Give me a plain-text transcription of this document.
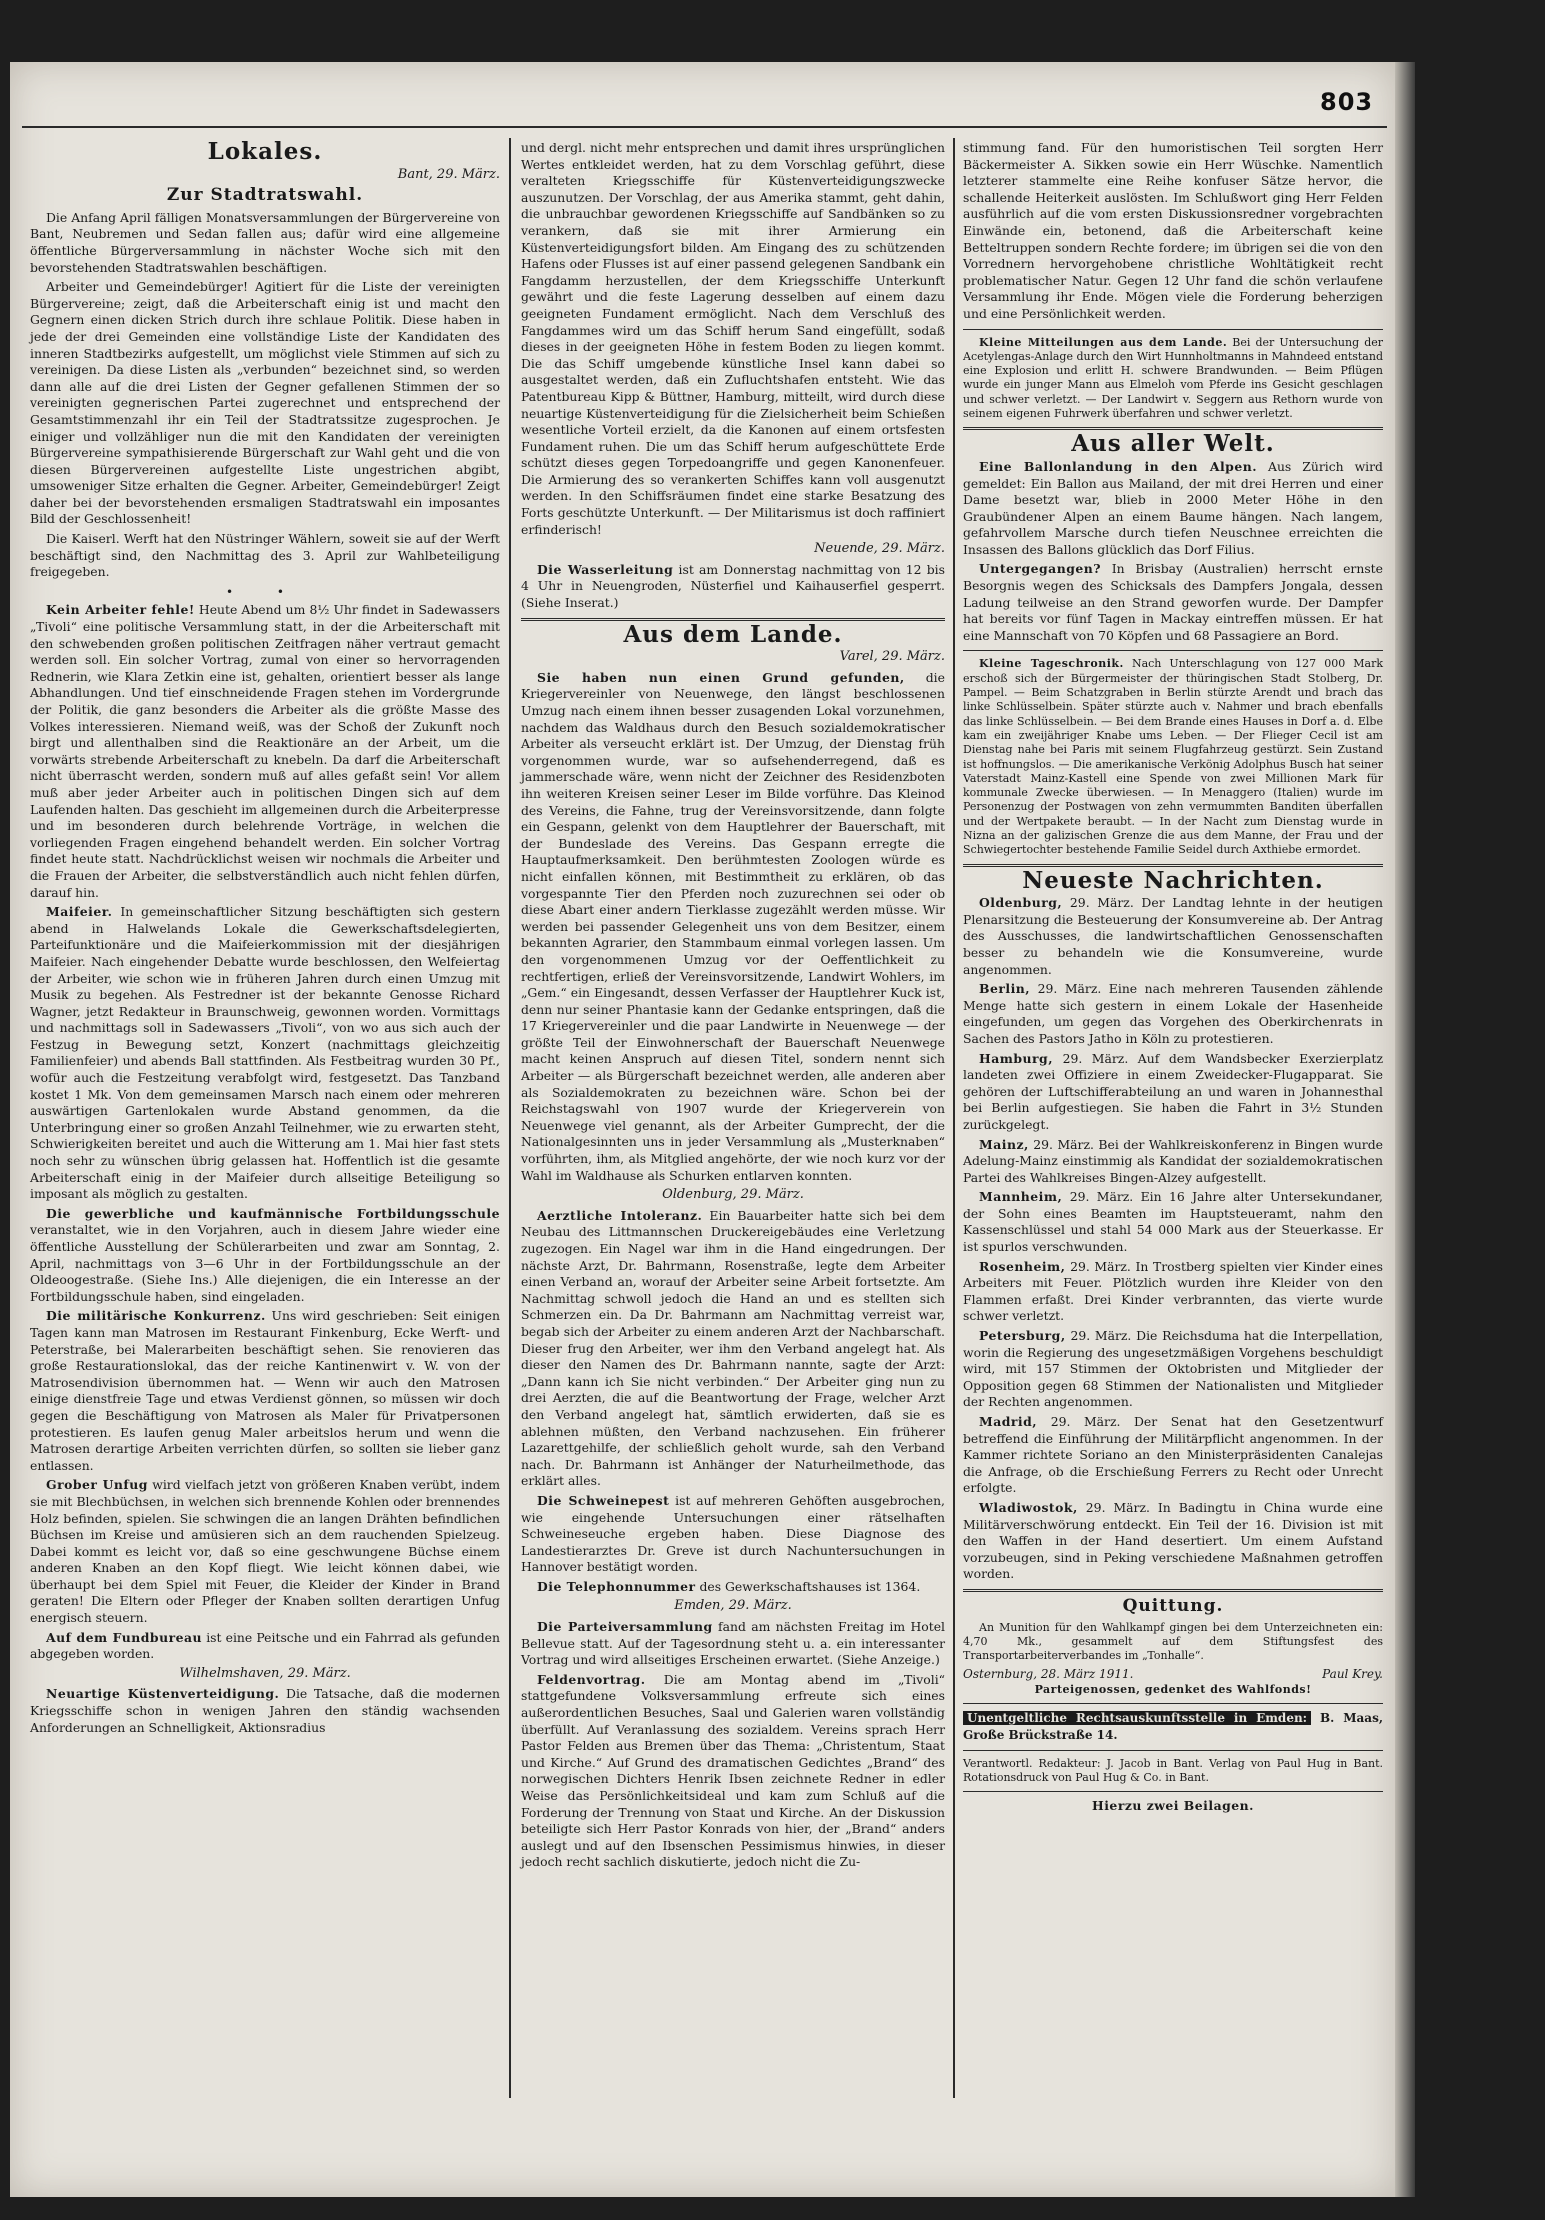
803
Lokales.
Bant, 29. März.
Zur Stadtratswahl.

Die Anfang April fälligen Monatsversammlungen der Bürgervereine von Bant, Neubremen und Sedan fallen aus; dafür wird eine allgemeine öffentliche Bürgerversammlung in nächster Woche sich mit den bevorstehenden Stadtratswahlen beschäftigen.

Arbeiter und Gemeindebürger! Agitiert für die Liste der vereinigten Bürgervereine; zeigt, daß die Arbeiterschaft einig ist und macht den Gegnern einen dicken Strich durch ihre schlaue Politik. Diese haben in jede der drei Gemeinden eine vollständige Liste der Kandidaten des inneren Stadtbezirks aufgestellt, um möglichst viele Stimmen auf sich zu vereinigen. Da diese Listen als „verbunden“ bezeichnet sind, so werden dann alle auf die drei Listen der Gegner gefallenen Stimmen der so vereinigten gegnerischen Partei zugerechnet und entsprechend der Gesamtstimmenzahl ihr ein Teil der Stadtratssitze zugesprochen. Je einiger und vollzähliger nun die mit den Kandidaten der vereinigten Bürgervereine sympathisierende Bürgerschaft zur Wahl geht und die von diesen Bürgervereinen aufgestellte Liste ungestrichen abgibt, umsoweniger Sitze erhalten die Gegner. Arbeiter, Gemeindebürger! Zeigt daher bei der bevorstehenden ersmaligen Stadtratswahl ein imposantes Bild der Geschlossenheit!

Die Kaiserl. Werft hat den Nüstringer Wählern, soweit sie auf der Werft beschäftigt sind, den Nachmittag des 3. April zur Wahlbeteiligung freigegeben.

• •

Kein Arbeiter fehle! Heute Abend um 8½ Uhr findet in Sadewassers „Tivoli“ eine politische Versammlung statt, in der die Arbeiterschaft mit den schwebenden großen politischen Zeitfragen näher vertraut gemacht werden soll. Ein solcher Vortrag, zumal von einer so hervorragenden Rednerin, wie Klara Zetkin eine ist, gehalten, orientiert besser als lange Abhandlungen. Und tief einschneidende Fragen stehen im Vordergrunde der Politik, die ganz besonders die Arbeiter als die größte Masse des Volkes interessieren. Niemand weiß, was der Schoß der Zukunft noch birgt und allenthalben sind die Reaktionäre an der Arbeit, um die vorwärts strebende Arbeiterschaft zu knebeln. Da darf die Arbeiterschaft nicht überrascht werden, sondern muß auf alles gefaßt sein! Vor allem muß aber jeder Arbeiter auch in politischen Dingen sich auf dem Laufenden halten. Das geschieht im allgemeinen durch die Arbeiterpresse und im besonderen durch belehrende Vorträge, in welchen die vorliegenden Fragen eingehend behandelt werden. Ein solcher Vortrag findet heute statt. Nachdrücklichst weisen wir nochmals die Arbeiter und die Frauen der Arbeiter, die selbstverständlich auch nicht fehlen dürfen, darauf hin.

Maifeier. In gemeinschaftlicher Sitzung beschäftigten sich gestern abend in Halwelands Lokale die Gewerkschaftsdelegierten, Parteifunktionäre und die Maifeierkommission mit der diesjährigen Maifeier. Nach eingehender Debatte wurde beschlossen, den Welfeiertag der Arbeiter, wie schon wie in früheren Jahren durch einen Umzug mit Musik zu begehen. Als Festredner ist der bekannte Genosse Richard Wagner, jetzt Redakteur in Braunschweig, gewonnen worden. Vormittags und nachmittags soll in Sadewassers „Tivoli“, von wo aus sich auch der Festzug in Bewegung setzt, Konzert (nachmittags gleichzeitig Familienfeier) und abends Ball stattfinden. Als Festbeitrag wurden 30 Pf., wofür auch die Festzeitung verabfolgt wird, festgesetzt. Das Tanzband kostet 1 Mk. Von dem gemeinsamen Marsch nach einem oder mehreren auswärtigen Gartenlokalen wurde Abstand genommen, da die Unterbringung einer so großen Anzahl Teilnehmer, wie zu erwarten steht, Schwierigkeiten bereitet und auch die Witterung am 1. Mai hier fast stets noch sehr zu wünschen übrig gelassen hat. Hoffentlich ist die gesamte Arbeiterschaft einig in der Maifeier durch allseitige Beteiligung so imposant als möglich zu gestalten.

Die gewerbliche und kaufmännische Fortbildungsschule veranstaltet, wie in den Vorjahren, auch in diesem Jahre wieder eine öffentliche Ausstellung der Schülerarbeiten und zwar am Sonntag, 2. April, nachmittags von 3—6 Uhr in der Fortbildungsschule an der Oldeoogestraße. (Siehe Ins.) Alle diejenigen, die ein Interesse an der Fortbildungsschule haben, sind eingeladen.

Die militärische Konkurrenz. Uns wird geschrieben: Seit einigen Tagen kann man Matrosen im Restaurant Finkenburg, Ecke Werft- und Peterstraße, bei Malerarbeiten beschäftigt sehen. Sie renovieren das große Restaurationslokal, das der reiche Kantinenwirt v. W. von der Matrosendivision übernommen hat. — Wenn wir auch den Matrosen einige dienstfreie Tage und etwas Verdienst gönnen, so müssen wir doch gegen die Beschäftigung von Matrosen als Maler für Privatpersonen protestieren. Es laufen genug Maler arbeitslos herum und wenn die Matrosen derartige Arbeiten verrichten dürfen, so sollten sie lieber ganz entlassen.

Grober Unfug wird vielfach jetzt von größeren Knaben verübt, indem sie mit Blechbüchsen, in welchen sich brennende Kohlen oder brennendes Holz befinden, spielen. Sie schwingen die an langen Drähten befindlichen Büchsen im Kreise und amüsieren sich an dem rauchenden Spielzeug. Dabei kommt es leicht vor, daß so eine geschwungene Büchse einem anderen Knaben an den Kopf fliegt. Wie leicht können dabei, wie überhaupt bei dem Spiel mit Feuer, die Kleider der Kinder in Brand geraten! Die Eltern oder Pfleger der Knaben sollten derartigen Unfug energisch steuern.

Auf dem Fundbureau ist eine Peitsche und ein Fahrrad als gefunden abgegeben worden.

Wilhelmshaven, 29. März.

Neuartige Küstenverteidigung. Die Tatsache, daß die modernen Kriegsschiffe schon in wenigen Jahren den ständig wachsenden Anforderungen an Schnelligkeit, Aktionsradius

und dergl. nicht mehr entsprechen und damit ihres ursprünglichen Wertes entkleidet werden, hat zu dem Vorschlag geführt, diese veralteten Kriegsschiffe für Küstenverteidigungszwecke auszunutzen. Der Vorschlag, der aus Amerika stammt, geht dahin, die unbrauchbar gewordenen Kriegsschiffe auf Sandbänken so zu verankern, daß sie mit ihrer Armierung ein Küstenverteidigungsfort bilden. Am Eingang des zu schützenden Hafens oder Flusses ist auf einer passend gelegenen Sandbank ein Fangdamm herzustellen, der dem Kriegsschiffe Unterkunft gewährt und die feste Lagerung desselben auf einem dazu geeigneten Fundament ermöglicht. Nach dem Verschluß des Fangdammes wird um das Schiff herum Sand eingefüllt, sodaß dieses in der geeigneten Höhe in festem Boden zu liegen kommt. Die das Schiff umgebende künstliche Insel kann dabei so ausgestaltet werden, daß ein Zufluchtshafen entsteht. Wie das Patentbureau Kipp & Büttner, Hamburg, mitteilt, wird durch diese neuartige Küstenverteidigung für die Zielsicherheit beim Schießen wesentliche Vorteil erzielt, da die Kanonen auf einem ortsfesten Fundament ruhen. Die um das Schiff herum aufgeschüttete Erde schützt dieses gegen Torpedoangriffe und gegen Kanonenfeuer. Die Armierung des so verankerten Schiffes kann voll ausgenutzt werden. In den Schiffsräumen findet eine starke Besatzung des Forts geschützte Unterkunft. — Der Militarismus ist doch raffiniert erfinderisch!

Neuende, 29. März.

Die Wasserleitung ist am Donnerstag nachmittag von 12 bis 4 Uhr in Neuengroden, Nüsterfiel und Kaihauserfiel gesperrt. (Siehe Inserat.)

Aus dem Lande.
Varel, 29. März.

Sie haben nun einen Grund gefunden, die Kriegervereinler von Neuenwege, den längst beschlossenen Umzug nach einem ihnen besser zusagenden Lokal vorzunehmen, nachdem das Waldhaus durch den Besuch sozialdemokratischer Arbeiter als verseucht erklärt ist. Der Umzug, der Dienstag früh vorgenommen wurde, war so aufsehenderregend, daß es jammerschade wäre, wenn nicht der Zeichner des Residenzboten ihn weiteren Kreisen seiner Leser im Bilde vorführe. Das Kleinod des Vereins, die Fahne, trug der Vereinsvorsitzende, dann folgte ein Gespann, gelenkt von dem Hauptlehrer der Bauerschaft, mit der Bundeslade des Vereins. Das Gespann erregte die Hauptaufmerksamkeit. Den berühmtesten Zoologen würde es nicht einfallen können, mit Bestimmtheit zu erklären, ob das vorgespannte Tier den Pferden noch zuzurechnen sei oder ob diese Abart einer andern Tierklasse zugezählt werden müsse. Wir werden bei passender Gelegenheit uns von dem Besitzer, einem bekannten Agrarier, den Stammbaum einmal vorlegen lassen. Um den vorgenommenen Umzug vor der Oeffentlichkeit zu rechtfertigen, erließ der Vereinsvorsitzende, Landwirt Wohlers, im „Gem.“ ein Eingesandt, dessen Verfasser der Hauptlehrer Kuck ist, denn nur seiner Phantasie kann der Gedanke entspringen, daß die 17 Kriegervereinler und die paar Landwirte in Neuenwege — der größte Teil der Einwohnerschaft der Bauerschaft Neuenwege macht keinen Anspruch auf diesen Titel, sondern nennt sich Arbeiter — als Bürgerschaft bezeichnet werden, alle anderen aber als Sozialdemokraten zu bezeichnen wäre. Schon bei der Reichstagswahl von 1907 wurde der Kriegerverein von Neuenwege viel genannt, als der Arbeiter Gumprecht, der die Nationalgesinnten uns in jeder Versammlung als „Musterknaben“ vorführten, ihm, als Mitglied angehörte, der wie noch kurz vor der Wahl im Waldhause als Schurken entlarven konnten.

Oldenburg, 29. März.

Aerztliche Intoleranz. Ein Bauarbeiter hatte sich bei dem Neubau des Littmannschen Druckereigebäudes eine Verletzung zugezogen. Ein Nagel war ihm in die Hand eingedrungen. Der nächste Arzt, Dr. Bahrmann, Rosenstraße, legte dem Arbeiter einen Verband an, worauf der Arbeiter seine Arbeit fortsetzte. Am Nachmittag schwoll jedoch die Hand an und es stellten sich Schmerzen ein. Da Dr. Bahrmann am Nachmittag verreist war, begab sich der Arbeiter zu einem anderen Arzt der Nachbarschaft. Dieser frug den Arbeiter, wer ihm den Verband angelegt hat. Als dieser den Namen des Dr. Bahrmann nannte, sagte der Arzt: „Dann kann ich Sie nicht verbinden.“ Der Arbeiter ging nun zu drei Aerzten, die auf die Beantwortung der Frage, welcher Arzt den Verband angelegt hat, sämtlich erwiderten, daß sie es ablehnen müßten, den Verband nachzusehen. Ein früherer Lazarettgehilfe, der schließlich geholt wurde, sah den Verband nach. Dr. Bahrmann ist Anhänger der Naturheilmethode, das erklärt alles.

Die Schweinepest ist auf mehreren Gehöften ausgebrochen, wie eingehende Untersuchungen einer rätselhaften Schweineseuche ergeben haben. Diese Diagnose des Landestierarztes Dr. Greve ist durch Nachuntersuchungen in Hannover bestätigt worden.

Die Telephonnummer des Gewerkschaftshauses ist 1364.

Emden, 29. März.

Die Parteiversammlung fand am nächsten Freitag im Hotel Bellevue statt. Auf der Tagesordnung steht u. a. ein interessanter Vortrag und wird allseitiges Erscheinen erwartet. (Siehe Anzeige.)

Feldenvortrag. Die am Montag abend im „Tivoli“ stattgefundene Volksversammlung erfreute sich eines außerordentlichen Besuches, Saal und Galerien waren vollständig überfüllt. Auf Veranlassung des sozialdem. Vereins sprach Herr Pastor Felden aus Bremen über das Thema: „Christentum, Staat und Kirche.“ Auf Grund des dramatischen Gedichtes „Brand“ des norwegischen Dichters Henrik Ibsen zeichnete Redner in edler Weise das Persönlichkeitsideal und kam zum Schluß auf die Forderung der Trennung von Staat und Kirche. An der Diskussion beteiligte sich Herr Pastor Konrads von hier, der „Brand“ anders auslegt und auf den Ibsenschen Pessimismus hinwies, in dieser jedoch recht sachlich diskutierte, jedoch nicht die Zu-

stimmung fand. Für den humoristischen Teil sorgten Herr Bäckermeister A. Sikken sowie ein Herr Wüschke. Namentlich letzterer stammelte eine Reihe konfuser Sätze hervor, die schallende Heiterkeit auslösten. Im Schlußwort ging Herr Felden ausführlich auf die vom ersten Diskussionsredner vorgebrachten Einwände ein, betonend, daß die Arbeiterschaft keine Betteltruppen sondern Rechte fordere; im übrigen sei die von den Vorrednern hervorgehobene christliche Wohltätigkeit recht problematischer Natur. Gegen 12 Uhr fand die schön verlaufene Versammlung ihr Ende. Mögen viele die Forderung beherzigen und eine Persönlichkeit werden.

Kleine Mitteilungen aus dem Lande. Bei der Untersuchung der Acetylengas-Anlage durch den Wirt Hunnholtmanns in Mahndeed entstand eine Explosion und erlitt H. schwere Brandwunden. — Beim Pflügen wurde ein junger Mann aus Elmeloh vom Pferde ins Gesicht geschlagen und schwer verletzt. — Der Landwirt v. Seggern aus Rethorn wurde von seinem eigenen Fuhrwerk überfahren und schwer verletzt.

Aus aller Welt.

Eine Ballonlandung in den Alpen. Aus Zürich wird gemeldet: Ein Ballon aus Mailand, der mit drei Herren und einer Dame besetzt war, blieb in 2000 Meter Höhe in den Graubündener Alpen an einem Baume hängen. Nach langem, gefahrvollem Marsche durch tiefen Neuschnee erreichten die Insassen des Ballons glücklich das Dorf Filius.

Untergegangen? In Brisbay (Australien) herrscht ernste Besorgnis wegen des Schicksals des Dampfers Jongala, dessen Ladung teilweise an den Strand geworfen wurde. Der Dampfer hat bereits vor fünf Tagen in Mackay eintreffen müssen. Er hat eine Mannschaft von 70 Köpfen und 68 Passagiere an Bord.

Kleine Tageschronik. Nach Unterschlagung von 127 000 Mark erschoß sich der Bürgermeister der thüringischen Stadt Stolberg, Dr. Pampel. — Beim Schatzgraben in Berlin stürzte Arendt und brach das linke Schlüsselbein. Später stürzte auch v. Nahmer und brach ebenfalls das linke Schlüsselbein. — Bei dem Brande eines Hauses in Dorf a. d. Elbe kam ein zweijähriger Knabe ums Leben. — Der Flieger Cecil ist am Dienstag nahe bei Paris mit seinem Flugfahrzeug gestürzt. Sein Zustand ist hoffnungslos. — Die amerikanische Verkönig Adolphus Busch hat seiner Vaterstadt Mainz-Kastell eine Spende von zwei Millionen Mark für kommunale Zwecke überwiesen. — In Menaggero (Italien) wurde im Personenzug der Postwagen von zehn vermummten Banditen überfallen und der Wertpakete beraubt. — In der Nacht zum Dienstag wurde in Nizna an der galizischen Grenze die aus dem Manne, der Frau und der Schwiegertochter bestehende Familie Seidel durch Axthiebe ermordet.

Neueste Nachrichten.

Oldenburg, 29. März. Der Landtag lehnte in der heutigen Plenarsitzung die Besteuerung der Konsumvereine ab. Der Antrag des Ausschusses, die landwirtschaftlichen Genossenschaften besser zu behandeln wie die Konsumvereine, wurde angenommen.

Berlin, 29. März. Eine nach mehreren Tausenden zählende Menge hatte sich gestern in einem Lokale der Hasenheide eingefunden, um gegen das Vorgehen des Oberkirchenrats in Sachen des Pastors Jatho in Köln zu protestieren.

Hamburg, 29. März. Auf dem Wandsbecker Exerzierplatz landeten zwei Offiziere in einem Zweidecker-Flugapparat. Sie gehören der Luftschifferabteilung an und waren in Johannesthal bei Berlin aufgestiegen. Sie haben die Fahrt in 3½ Stunden zurückgelegt.

Mainz, 29. März. Bei der Wahlkreiskonferenz in Bingen wurde Adelung-Mainz einstimmig als Kandidat der sozialdemokratischen Partei des Wahlkreises Bingen-Alzey aufgestellt.

Mannheim, 29. März. Ein 16 Jahre alter Untersekundaner, der Sohn eines Beamten im Hauptsteueramt, nahm den Kassenschlüssel und stahl 54 000 Mark aus der Steuerkasse. Er ist spurlos verschwunden.

Rosenheim, 29. März. In Trostberg spielten vier Kinder eines Arbeiters mit Feuer. Plötzlich wurden ihre Kleider von den Flammen erfaßt. Drei Kinder verbrannten, das vierte wurde schwer verletzt.

Petersburg, 29. März. Die Reichsduma hat die Interpellation, worin die Regierung des ungesetzmäßigen Vorgehens beschuldigt wird, mit 157 Stimmen der Oktobristen und Mitglieder der Opposition gegen 68 Stimmen der Nationalisten und Mitglieder der Rechten angenommen.

Madrid, 29. März. Der Senat hat den Gesetzentwurf betreffend die Einführung der Militärpflicht angenommen. In der Kammer richtete Soriano an den Ministerpräsidenten Canalejas die Anfrage, ob die Erschießung Ferrers zu Recht oder Unrecht erfolgte.

Wladiwostok, 29. März. In Badingtu in China wurde eine Militärverschwörung entdeckt. Ein Teil der 16. Division ist mit den Waffen in der Hand desertiert. Um einem Aufstand vorzubeugen, sind in Peking verschiedene Maßnahmen getroffen worden.

Quittung.

An Munition für den Wahlkampf gingen bei dem Unterzeichneten ein: 4,70 Mk., gesammelt auf dem Stiftungsfest des Transportarbeiterverbandes im „Tonhalle“.

Osternburg, 28. März 1911.	Paul Krey.
Parteigenossen, gedenket des Wahlfonds!
Unentgeltliche Rechtsauskunftsstelle in Emden: B. Maas, Große Brückstraße 14.

Verantwortl. Redakteur: J. Jacob in Bant. Verlag von Paul Hug in Bant. Rotationsdruck von Paul Hug & Co. in Bant.

Hierzu zwei Beilagen.
